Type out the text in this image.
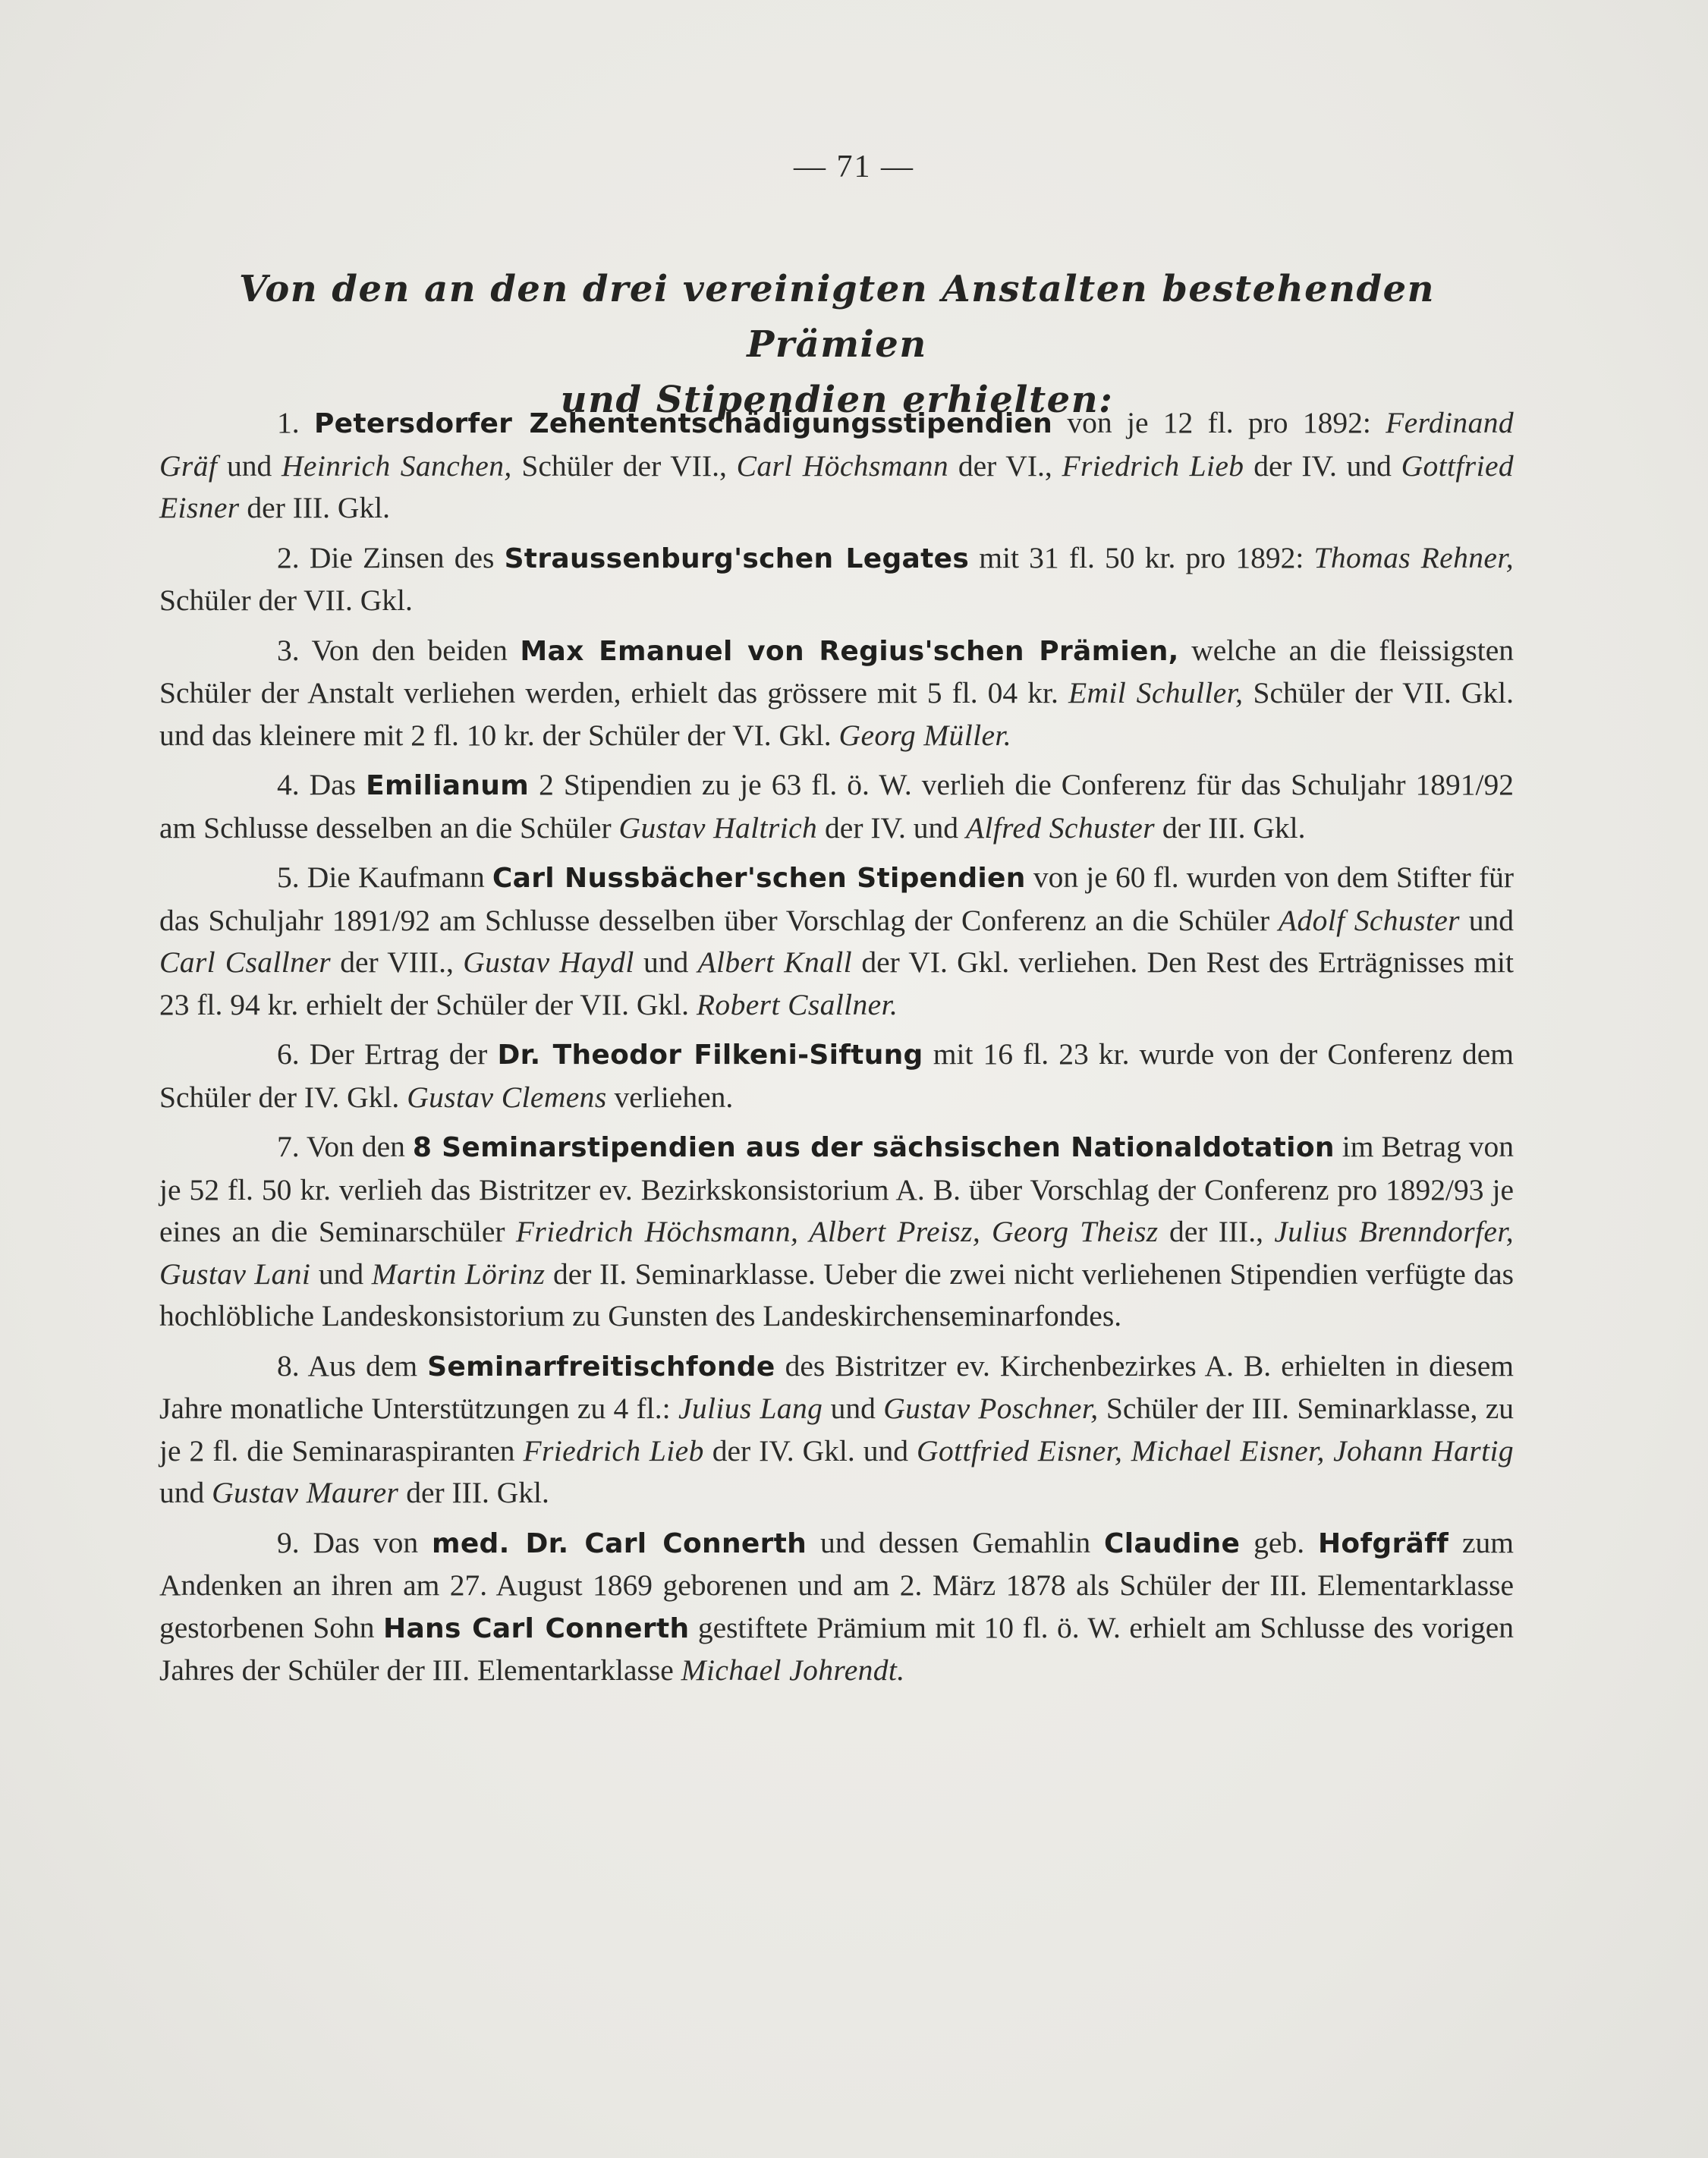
— 71 —
Von den an den drei vereinigten Anstalten bestehenden Prämien
und Stipendien erhielten:

1. Petersdorfer Zehententschädigungsstipendien von je 12 fl. pro 1892: Ferdinand Gräf und Heinrich Sanchen, Schüler der VII., Carl Höchsmann der VI., Friedrich Lieb der IV. und Gottfried Eisner der III. Gkl.

2. Die Zinsen des Straussenburg'schen Legates mit 31 fl. 50 kr. pro 1892: Thomas Rehner, Schüler der VII. Gkl.

3. Von den beiden Max Emanuel von Regius'schen Prämien, welche an die fleissigsten Schüler der Anstalt verliehen werden, erhielt das grössere mit 5 fl. 04 kr. Emil Schuller, Schüler der VII. Gkl. und das kleinere mit 2 fl. 10 kr. der Schüler der VI. Gkl. Georg Müller.

4. Das Emilianum 2 Stipendien zu je 63 fl. ö. W. verlieh die Conferenz für das Schuljahr 1891/92 am Schlusse desselben an die Schüler Gustav Haltrich der IV. und Alfred Schuster der III. Gkl.

5. Die Kaufmann Carl Nussbächer'schen Stipendien von je 60 fl. wurden von dem Stifter für das Schuljahr 1891/92 am Schlusse desselben über Vorschlag der Conferenz an die Schüler Adolf Schuster und Carl Csallner der VIII., Gustav Haydl und Albert Knall der VI. Gkl. verliehen. Den Rest des Erträgnisses mit 23 fl. 94 kr. erhielt der Schüler der VII. Gkl. Robert Csallner.

6. Der Ertrag der Dr. Theodor Filkeni-Siftung mit 16 fl. 23 kr. wurde von der Conferenz dem Schüler der IV. Gkl. Gustav Clemens verliehen.

7. Von den 8 Seminarstipendien aus der sächsischen Nationaldotation im Betrag von je 52 fl. 50 kr. verlieh das Bistritzer ev. Bezirkskonsistorium A. B. über Vorschlag der Conferenz pro 1892/93 je eines an die Seminarschüler Friedrich Höchsmann, Albert Preisz, Georg Theisz der III., Julius Brenndorfer, Gustav Lani und Martin Lörinz der II. Seminarklasse. Ueber die zwei nicht verliehenen Stipendien verfügte das hochlöbliche Landeskonsistorium zu Gunsten des Landeskirchenseminarfondes.

8. Aus dem Seminarfreitischfonde des Bistritzer ev. Kirchenbezirkes A. B. erhielten in diesem Jahre monatliche Unterstützungen zu 4 fl.: Julius Lang und Gustav Poschner, Schüler der III. Seminarklasse, zu je 2 fl. die Seminaraspiranten Friedrich Lieb der IV. Gkl. und Gottfried Eisner, Michael Eisner, Johann Hartig und Gustav Maurer der III. Gkl.

9. Das von med. Dr. Carl Connerth und dessen Gemahlin Claudine geb. Hofgräff zum Andenken an ihren am 27. August 1869 geborenen und am 2. März 1878 als Schüler der III. Elementarklasse gestorbenen Sohn Hans Carl Connerth gestiftete Prämium mit 10 fl. ö. W. erhielt am Schlusse des vorigen Jahres der Schüler der III. Elementarklasse Michael Johrendt.
